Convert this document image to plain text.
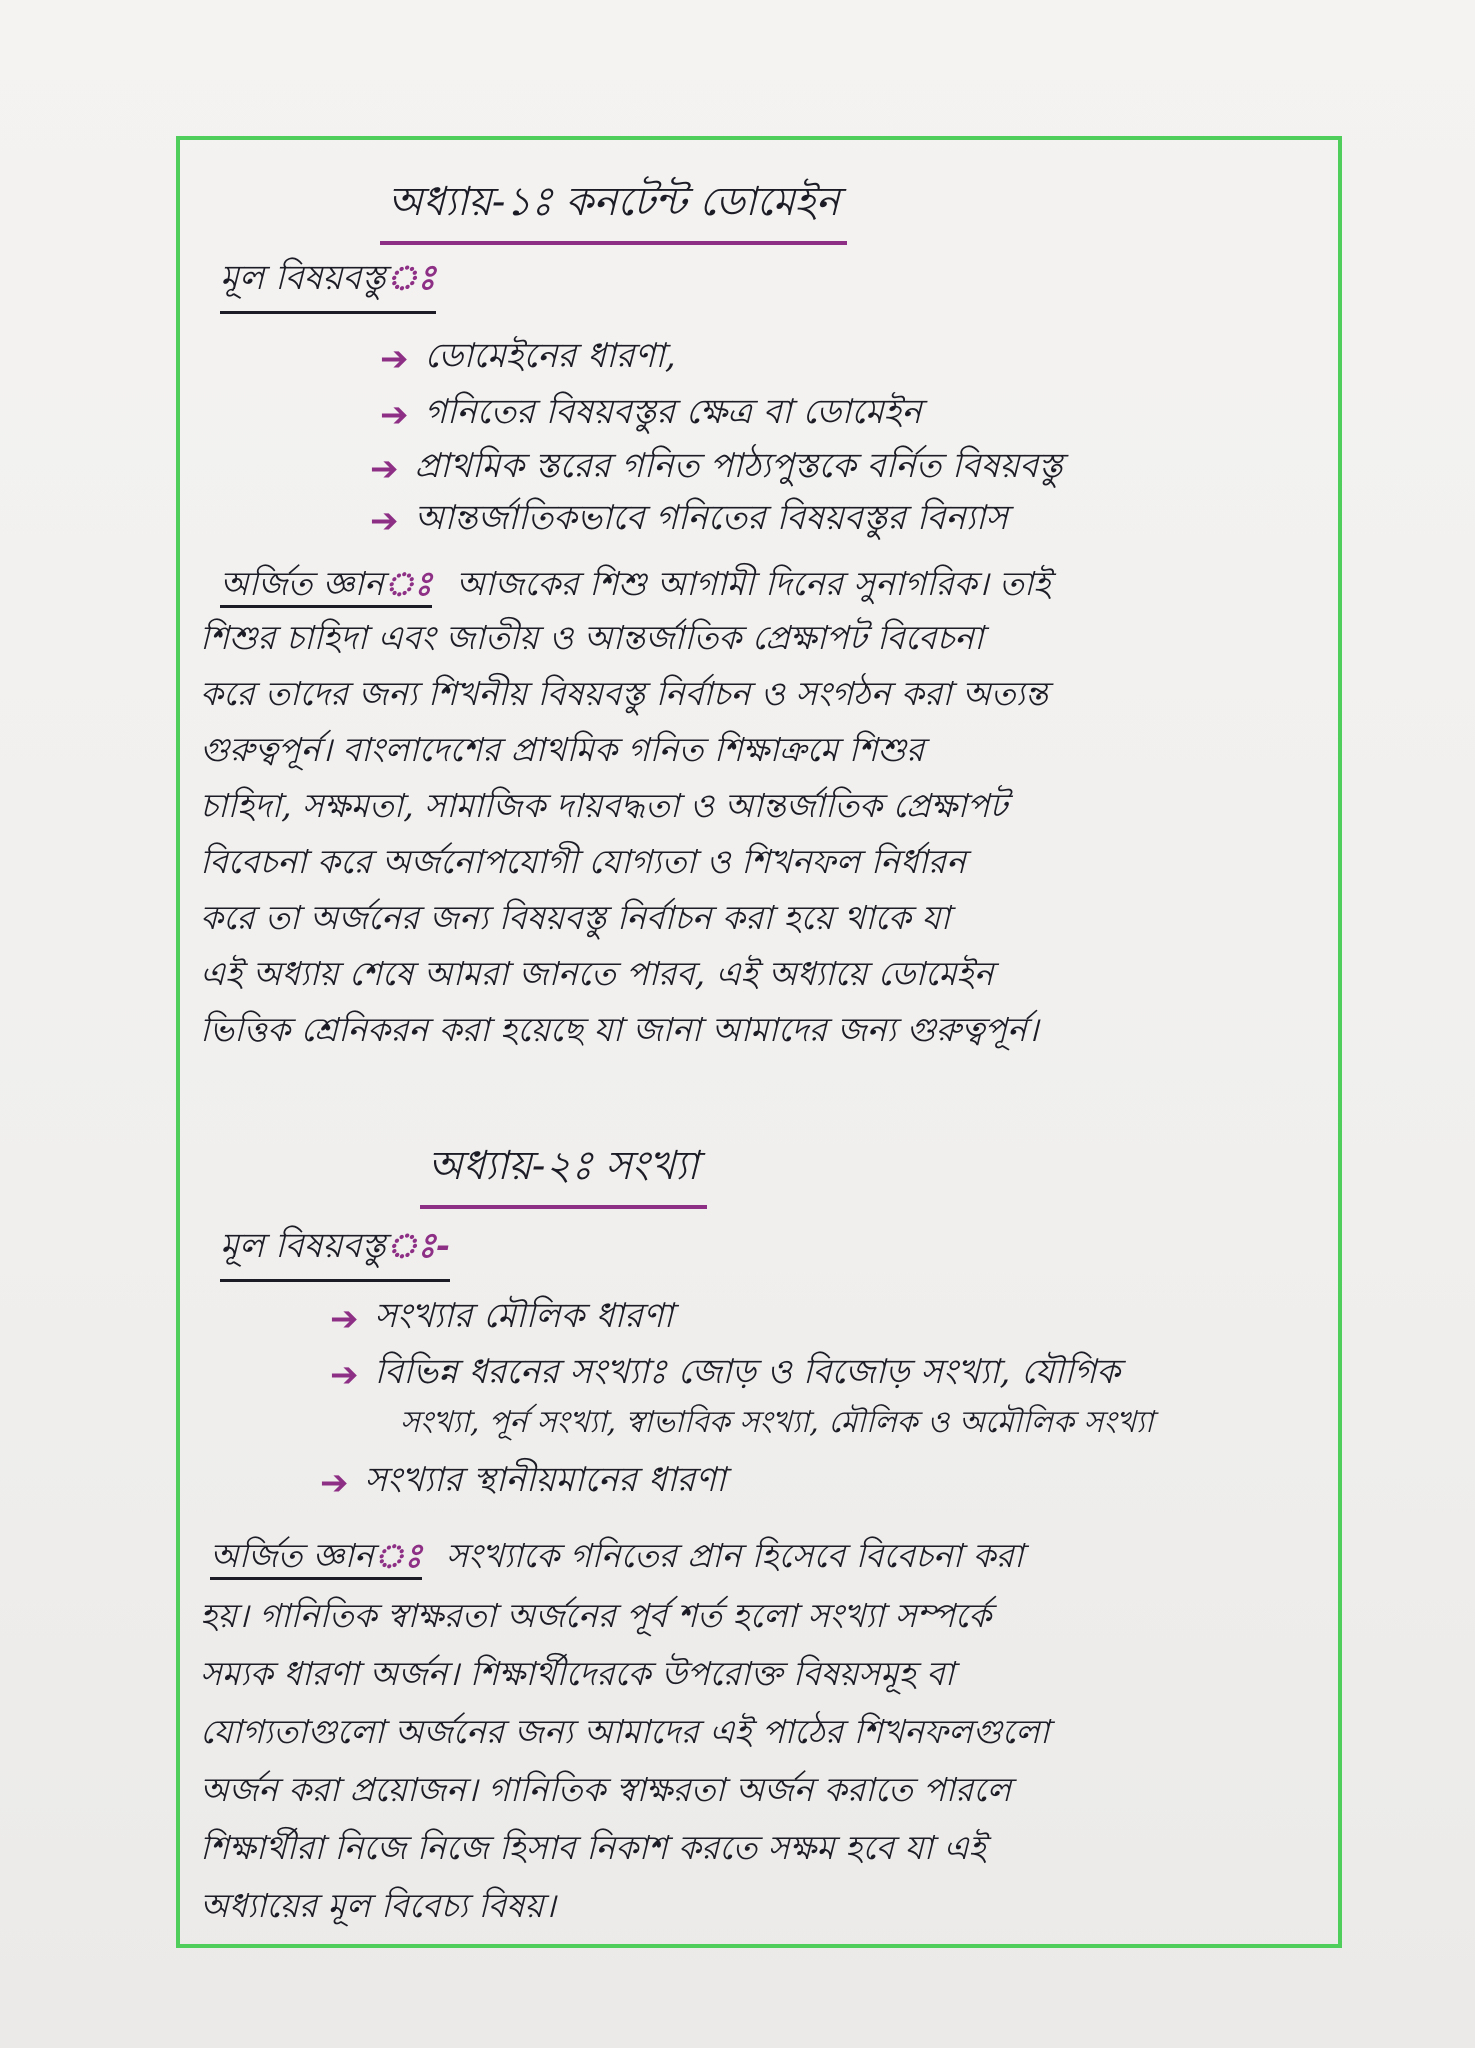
অধ্যায়-১ঃ কনটেন্ট ডোমেইন
মূল বিষয়বস্তুঃ
➔ ডোমেইনের ধারণা,
➔ গনিতের বিষয়বস্তুর ক্ষেত্র বা ডোমেইন
➔ প্রাথমিক স্তরের গনিত পাঠ্যপুস্তকে বর্নিত বিষয়বস্তু
➔ আন্তর্জাতিকভাবে গনিতের বিষয়বস্তুর বিন্যাস
অর্জিত জ্ঞানঃ আজকের শিশু আগামী দিনের সুনাগরিক। তাই
শিশুর চাহিদা এবং জাতীয় ও আন্তর্জাতিক প্রেক্ষাপট বিবেচনা
করে তাদের জন্য শিখনীয় বিষয়বস্তু নির্বাচন ও সংগঠন করা অত্যন্ত
গুরুত্বপূর্ন। বাংলাদেশের প্রাথমিক গনিত শিক্ষাক্রমে শিশুর
চাহিদা, সক্ষমতা, সামাজিক দায়বদ্ধতা ও আন্তর্জাতিক প্রেক্ষাপট
বিবেচনা করে অর্জনোপযোগী যোগ্যতা ও শিখনফল নির্ধারন
করে তা অর্জনের জন্য বিষয়বস্তু নির্বাচন করা হয়ে থাকে যা
এই অধ্যায় শেষে আমরা জানতে পারব, এই অধ্যায়ে ডোমেইন
ভিত্তিক শ্রেনিকরন করা হয়েছে যা জানা আমাদের জন্য গুরুত্বপূর্ন।
অধ্যায়-২ঃ সংখ্যা
মূল বিষয়বস্তুঃ-
➔ সংখ্যার মৌলিক ধারণা
➔ বিভিন্ন ধরনের সংখ্যাঃ জোড় ও বিজোড় সংখ্যা, যৌগিক
সংখ্যা, পূর্ন সংখ্যা, স্বাভাবিক সংখ্যা, মৌলিক ও অমৌলিক সংখ্যা
➔ সংখ্যার স্থানীয়মানের ধারণা
অর্জিত জ্ঞানঃ সংখ্যাকে গনিতের প্রান হিসেবে বিবেচনা করা
হয়। গানিতিক স্বাক্ষরতা অর্জনের পূর্ব শর্ত হলো সংখ্যা সম্পর্কে
সম্যক ধারণা অর্জন। শিক্ষার্থীদেরকে উপরোক্ত বিষয়সমূহ বা
যোগ্যতাগুলো অর্জনের জন্য আমাদের এই পাঠের শিখনফলগুলো
অর্জন করা প্রয়োজন। গানিতিক স্বাক্ষরতা অর্জন করাতে পারলে
শিক্ষার্থীরা নিজে নিজে হিসাব নিকাশ করতে সক্ষম হবে যা এই
অধ্যায়ের মূল বিবেচ্য বিষয়।
